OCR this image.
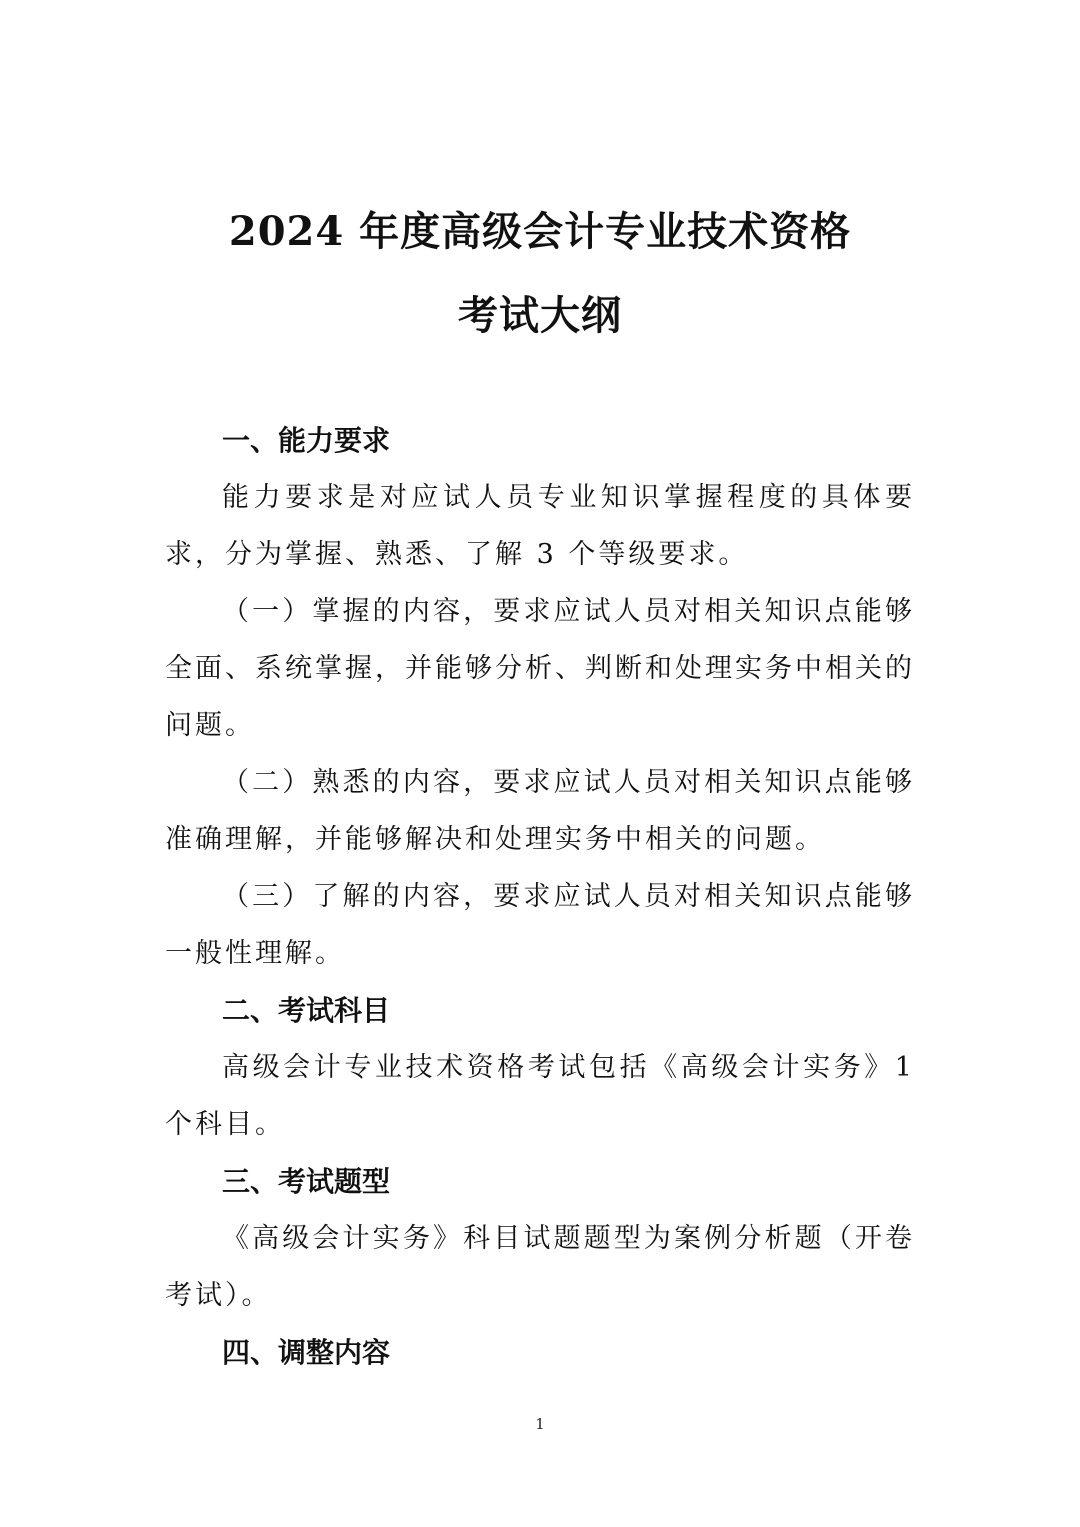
2024 年度高级会计专业技术资格
考试大纲
一、能力要求

能力要求是对应试人员专业知识掌握程度的具体要求，分为掌握、熟悉、了解 3 个等级要求。

（一）掌握的内容，要求应试人员对相关知识点能够全面、系统掌握，并能够分析、判断和处理实务中相关的问题。

（二）熟悉的内容，要求应试人员对相关知识点能够准确理解，并能够解决和处理实务中相关的问题。

（三）了解的内容，要求应试人员对相关知识点能够一般性理解。

二、考试科目

高级会计专业技术资格考试包括《高级会计实务》1 个科目。

三、考试题型

《高级会计实务》科目试题题型为案例分析题（开卷考试）。

四、调整内容
1
